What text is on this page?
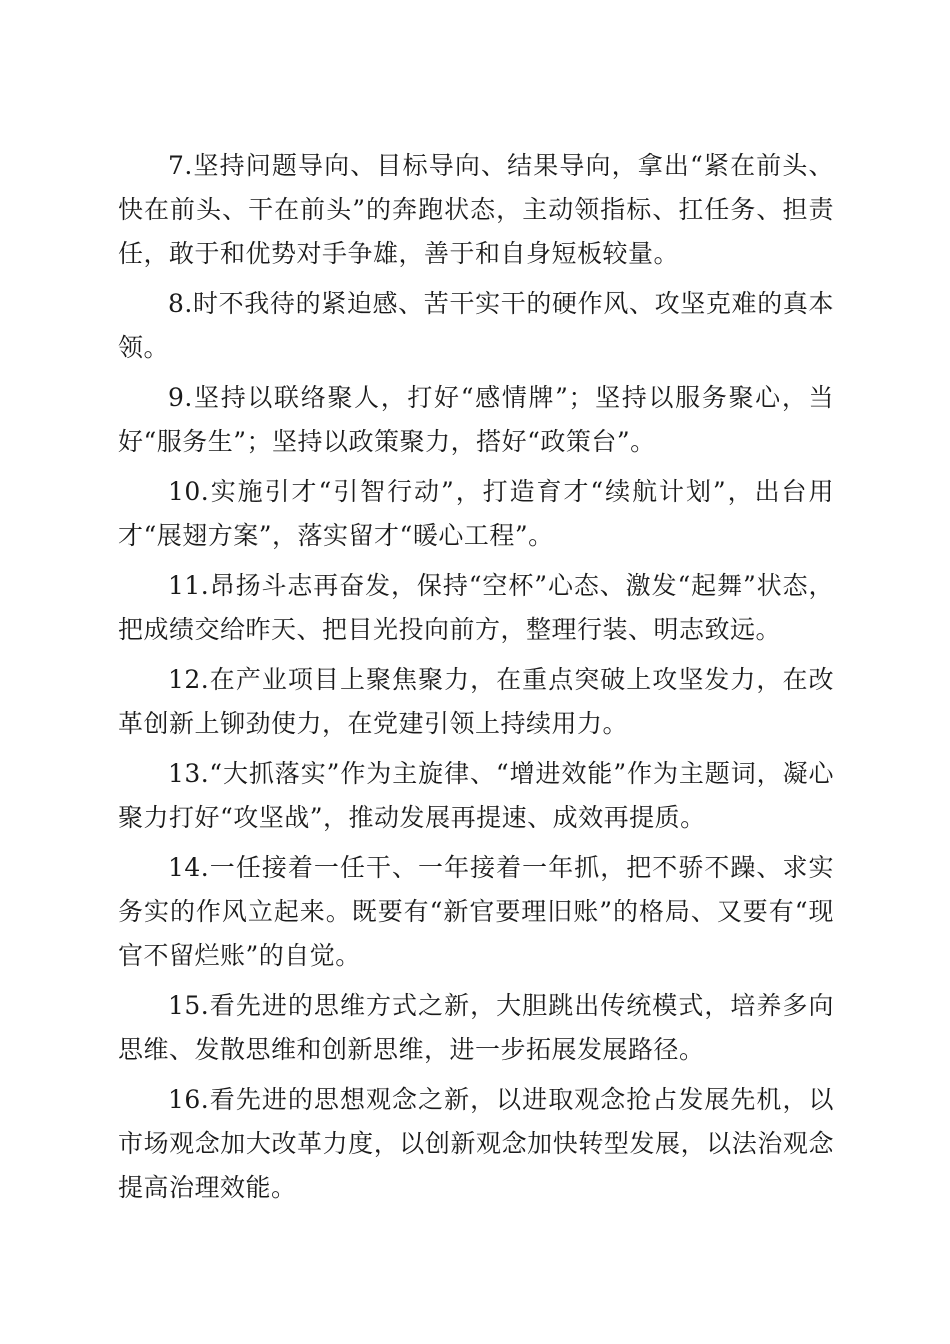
7.坚持问题导向、目标导向、结果导向，拿出“紧在前头、快在前头、干在前头”的奔跑状态，主动领指标、扛任务、担责任，敢于和优势对手争雄，善于和自身短板较量。

8.时不我待的紧迫感、苦干实干的硬作风、攻坚克难的真本领。

9.坚持以联络聚人，打好“感情牌”；坚持以服务聚心，当好“服务生”；坚持以政策聚力，搭好“政策台”。

10.实施引才“引智行动”，打造育才“续航计划”，出台用才“展翅方案”，落实留才“暖心工程”。

11.昂扬斗志再奋发，保持“空杯”心态、激发“起舞”状态，把成绩交给昨天、把目光投向前方，整理行装、明志致远。

12.在产业项目上聚焦聚力，在重点突破上攻坚发力，在改革创新上铆劲使力，在党建引领上持续用力。

13.“大抓落实”作为主旋律、“增进效能”作为主题词，凝心聚力打好“攻坚战”，推动发展再提速、成效再提质。

14.一任接着一任干、一年接着一年抓，把不骄不躁、求实务实的作风立起来。既要有“新官要理旧账”的格局、又要有“现官不留烂账”的自觉。

15.看先进的思维方式之新，大胆跳出传统模式，培养多向思维、发散思维和创新思维，进一步拓展发展路径。

16.看先进的思想观念之新，以进取观念抢占发展先机，以市场观念加大改革力度，以创新观念加快转型发展，以法治观念提高治理效能。
